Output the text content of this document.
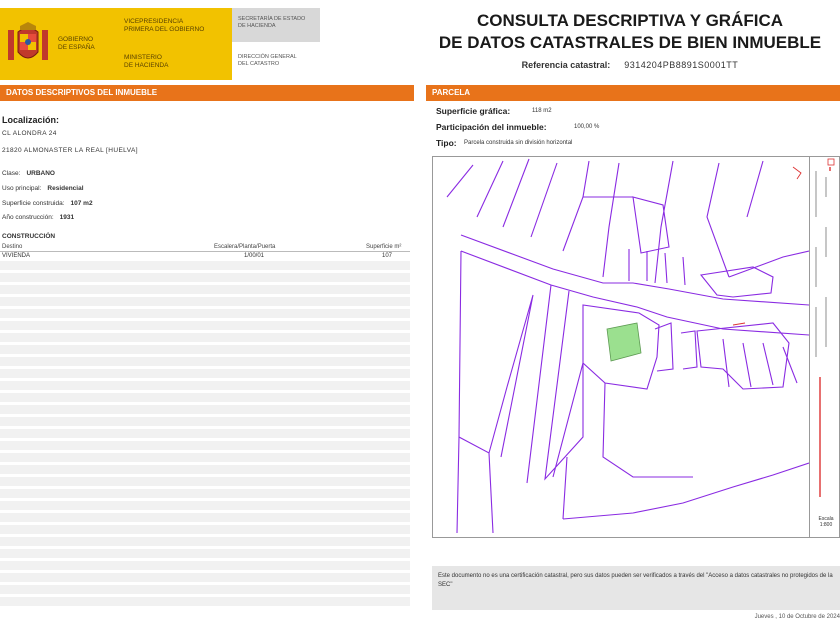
GOBIERNO
DE ESPAÑA
VICEPRESIDENCIA
PRIMERA DEL GOBIERNO
MINISTERIO
DE HACIENDA
SECRETARÍA DE ESTADO
DE HACIENDA
DIRECCIÓN GENERAL
DEL CATASTRO
CONSULTA DESCRIPTIVA Y GRÁFICA
DE DATOS CATASTRALES DE BIEN INMUEBLE
Referencia catastral: 9314204PB8891S0001TT
DATOS DESCRIPTIVOS DEL INMUEBLE
Localización:
CL ALONDRA 24
21820 ALMONASTER LA REAL [HUELVA]
Clase: URBANO
Uso principal: Residencial
Superficie construida: 107 m2
Año construcción: 1931
CONSTRUCCIÓN
Destino	Escalera/Planta/Puerta	Superficie m²
VIVIENDA	1/00/01	107
PARCELA
Superficie gráfica:	118 m2
Participación del inmueble:	100,00 %
Tipo: Parcela construida sin división horizontal
Escala
1:800
Este documento no es una certificación catastral, pero sus datos pueden ser verificados a través del "Acceso a datos catastrales no protegidos de la SEC"
Jueves , 10 de Octubre de 2024
